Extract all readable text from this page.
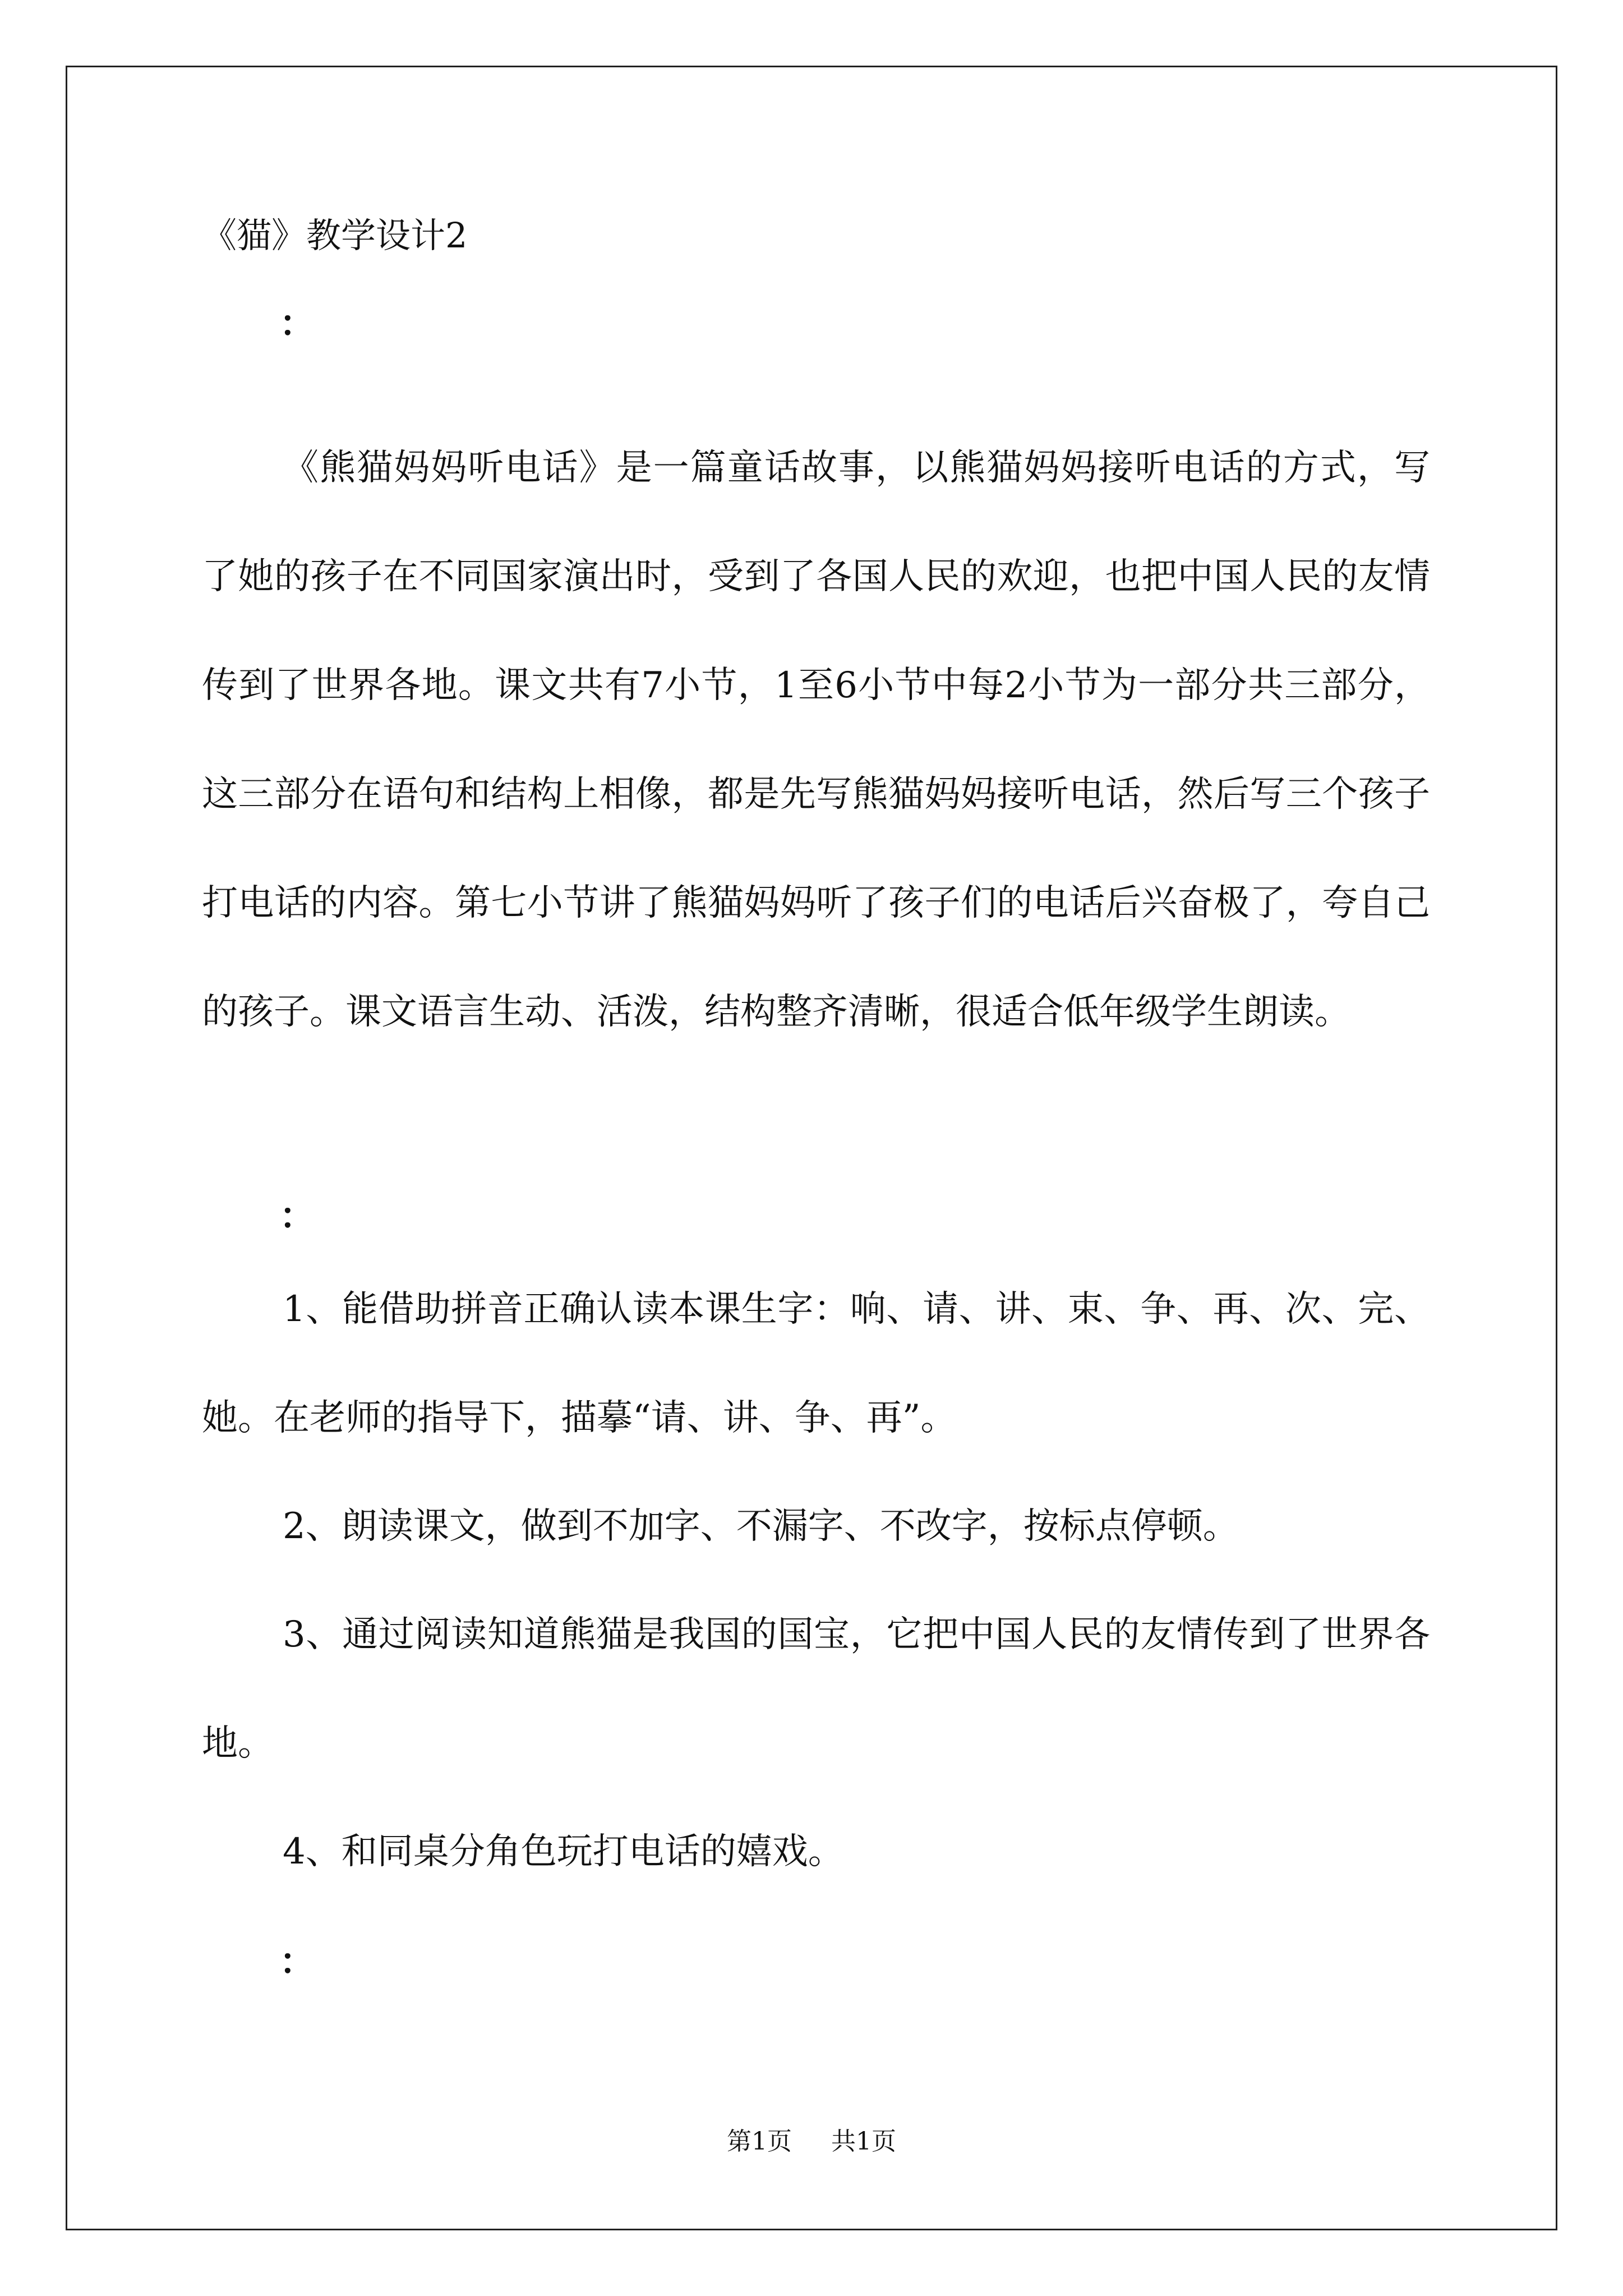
《猫》教学设计2
：
《熊猫妈妈听电话》是一篇童话故事，以熊猫妈妈接听电话的方式，写了她的孩子在不同国家演出时，受到了各国人民的欢迎，也把中国人民的友情传到了世界各地。课文共有7小节，1至6小节中每2小节为一部分共三部分，这三部分在语句和结构上相像，都是先写熊猫妈妈接听电话，然后写三个孩子打电话的内容。第七小节讲了熊猫妈妈听了孩子们的电话后兴奋极了，夸自己的孩子。课文语言生动、活泼，结构整齐清晰，很适合低年级学生朗读。
：
1、能借助拼音正确认读本课生字：响、请、讲、束、争、再、次、完、她。在老师的指导下，描摹“请、讲、争、再”。
2、朗读课文，做到不加字、不漏字、不改字，按标点停顿。
3、通过阅读知道熊猫是我国的国宝，它把中国人民的友情传到了世界各地。
4、和同桌分角色玩打电话的嬉戏。
：
第1页 共1页
